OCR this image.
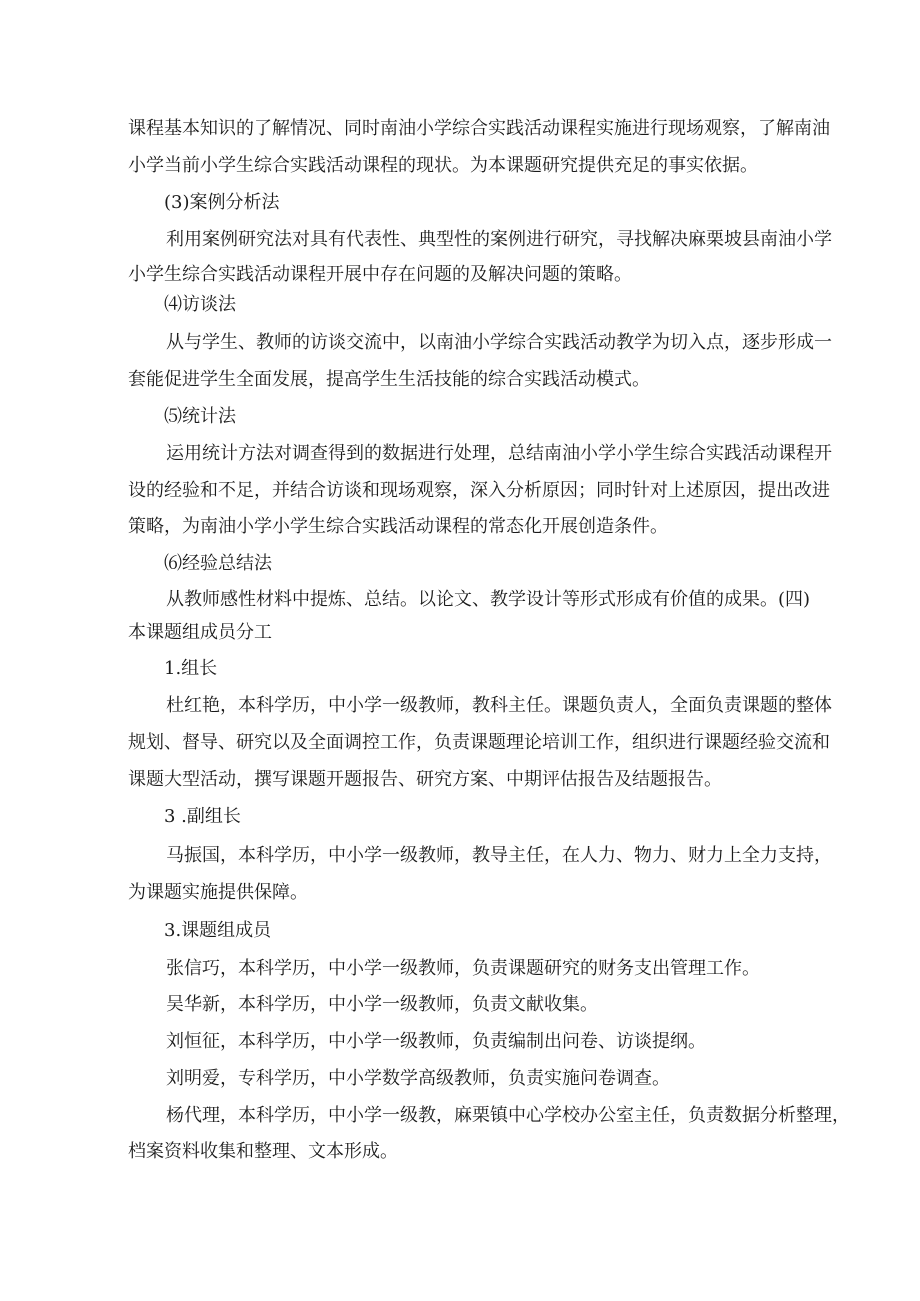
课程基本知识的了解情况、同时南油小学综合实践活动课程实施进行现场观察，了解南油
小学当前小学生综合实践活动课程的现状。为本课题研究提供充足的事实依据。
(3)案例分析法
利用案例研究法对具有代表性、典型性的案例进行研究，寻找解决麻栗坡县南油小学
小学生综合实践活动课程开展中存在问题的及解决问题的策略。
⑷访谈法
从与学生、教师的访谈交流中，以南油小学综合实践活动教学为切入点，逐步形成一
套能促进学生全面发展，提高学生生活技能的综合实践活动模式。
⑸统计法
运用统计方法对调查得到的数据进行处理，总结南油小学小学生综合实践活动课程开
设的经验和不足，并结合访谈和现场观察，深入分析原因；同时针对上述原因，提出改进
策略，为南油小学小学生综合实践活动课程的常态化开展创造条件。
⑹经验总结法
从教师感性材料中提炼、总结。以论文、教学设计等形式形成有价值的成果。(四)
本课题组成员分工
1.组长
杜红艳，本科学历，中小学一级教师，教科主任。课题负责人，全面负责课题的整体
规划、督导、研究以及全面调控工作，负责课题理论培训工作，组织进行课题经验交流和
课题大型活动，撰写课题开题报告、研究方案、中期评估报告及结题报告。
3 .副组长
马振国，本科学历，中小学一级教师，教导主任，在人力、物力、财力上全力支持，
为课题实施提供保障。
3.课题组成员
张信巧，本科学历，中小学一级教师，负责课题研究的财务支出管理工作。
吴华新，本科学历，中小学一级教师，负责文献收集。
刘恒征，本科学历，中小学一级教师，负责编制出问卷、访谈提纲。
刘明爱，专科学历，中小学数学高级教师，负责实施问卷调查。
杨代理，本科学历，中小学一级教，麻栗镇中心学校办公室主任，负责数据分析整理，
档案资料收集和整理、文本形成。
